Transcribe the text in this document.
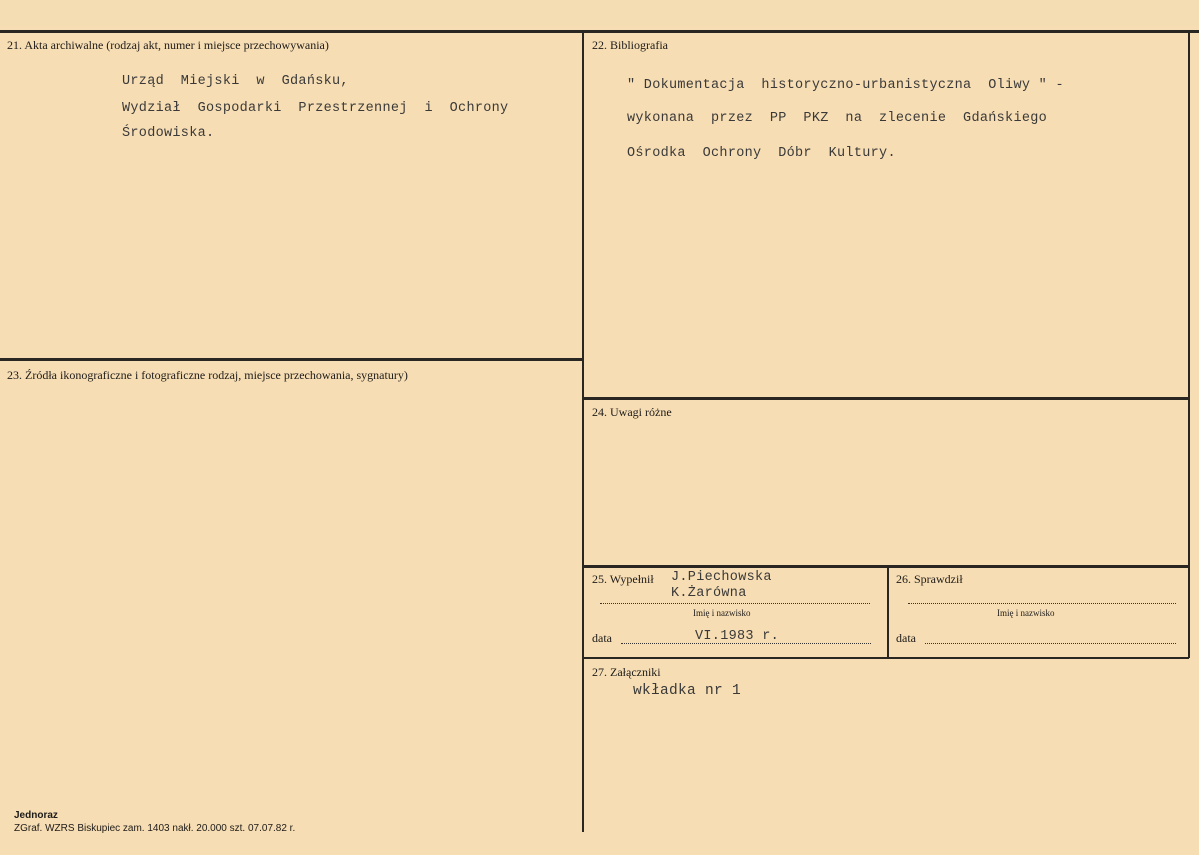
21. Akta archiwalne (rodzaj akt, numer i miejsce przechowywania)
Urząd  Miejski  w  Gdańsku,
Wydział  Gospodarki  Przestrzennej  i  Ochrony
Środowiska.
22. Bibliografia
" Dokumentacja  historyczno-urbanistyczna  Oliwy " -
wykonana  przez  PP  PKZ  na  zlecenie  Gdańskiego
Ośrodka  Ochrony  Dóbr  Kultury.
23. Źródła ikonograficzne i fotograficzne rodzaj, miejsce przechowania, sygnatury)
24. Uwagi różne
25. Wypełnił J.Piechowska
K.Żarówna
Imię i nazwisko
data	VI.1983 r.
26. Sprawdził
Imię i nazwisko
data
27. Załączniki
wkładka nr 1
Jednoraz
ZGraf. WZRS Biskupiec zam. 1403 nakł. 20.000 szt. 07.07.82 r.
